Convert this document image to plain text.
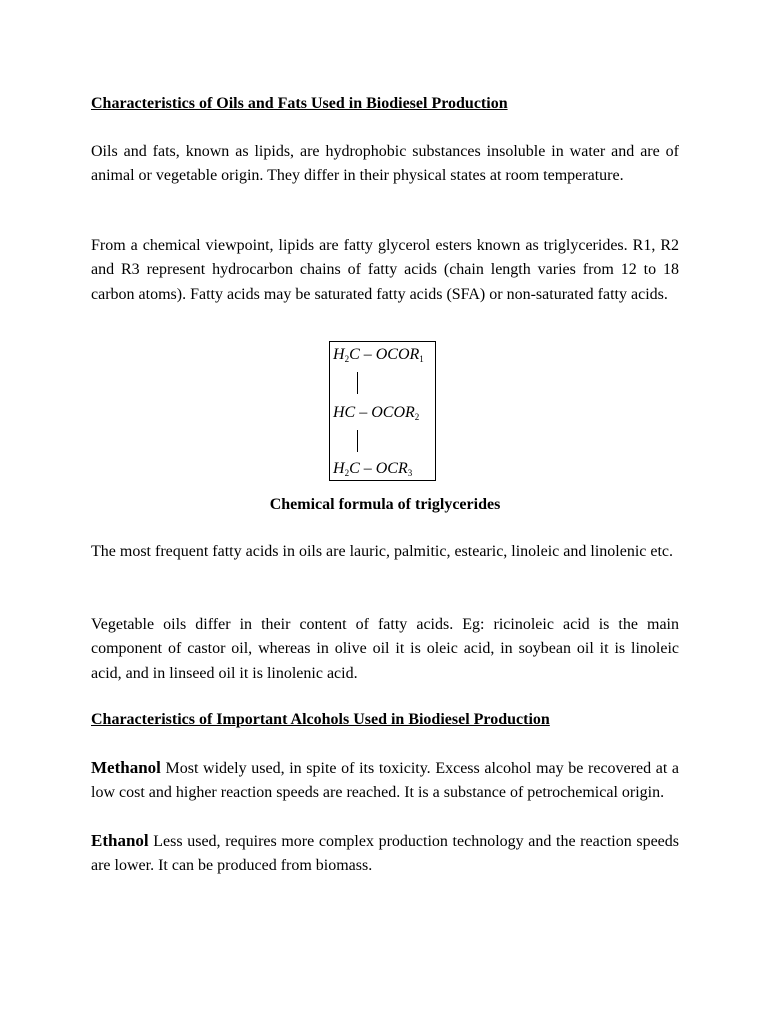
Characteristics of Oils and Fats Used in Biodiesel Production

Oils and fats, known as lipids, are hydrophobic substances insoluble in water and are of animal or vegetable origin. They differ in their physical states at room temperature.

From a chemical viewpoint, lipids are fatty glycerol esters known as triglycerides. R1, R2 and R3 represent hydrocarbon chains of fatty acids (chain length varies from 12 to 18 carbon atoms). Fatty acids may be saturated fatty acids (SFA) or non-saturated fatty acids.

$H_2C$ – $OCOR_1$
HC – $OCOR_2$
$H_2C - OCR_3$
Chemical formula of triglycerides

The most frequent fatty acids in oils are lauric, palmitic, estearic, linoleic and linolenic etc.

Vegetable oils differ in their content of fatty acids. Eg: ricinoleic acid is the main component of castor oil, whereas in olive oil it is oleic acid, in soybean oil it is linoleic acid, and in linseed oil it is linolenic acid.

Characteristics of Important Alcohols Used in Biodiesel Production

Methanol Most widely used, in spite of its toxicity. Excess alcohol may be recovered at a low cost and higher reaction speeds are reached. It is a substance of petrochemical origin.

Ethanol Less used, requires more complex production technology and the reaction speeds are lower. It can be produced from biomass.
